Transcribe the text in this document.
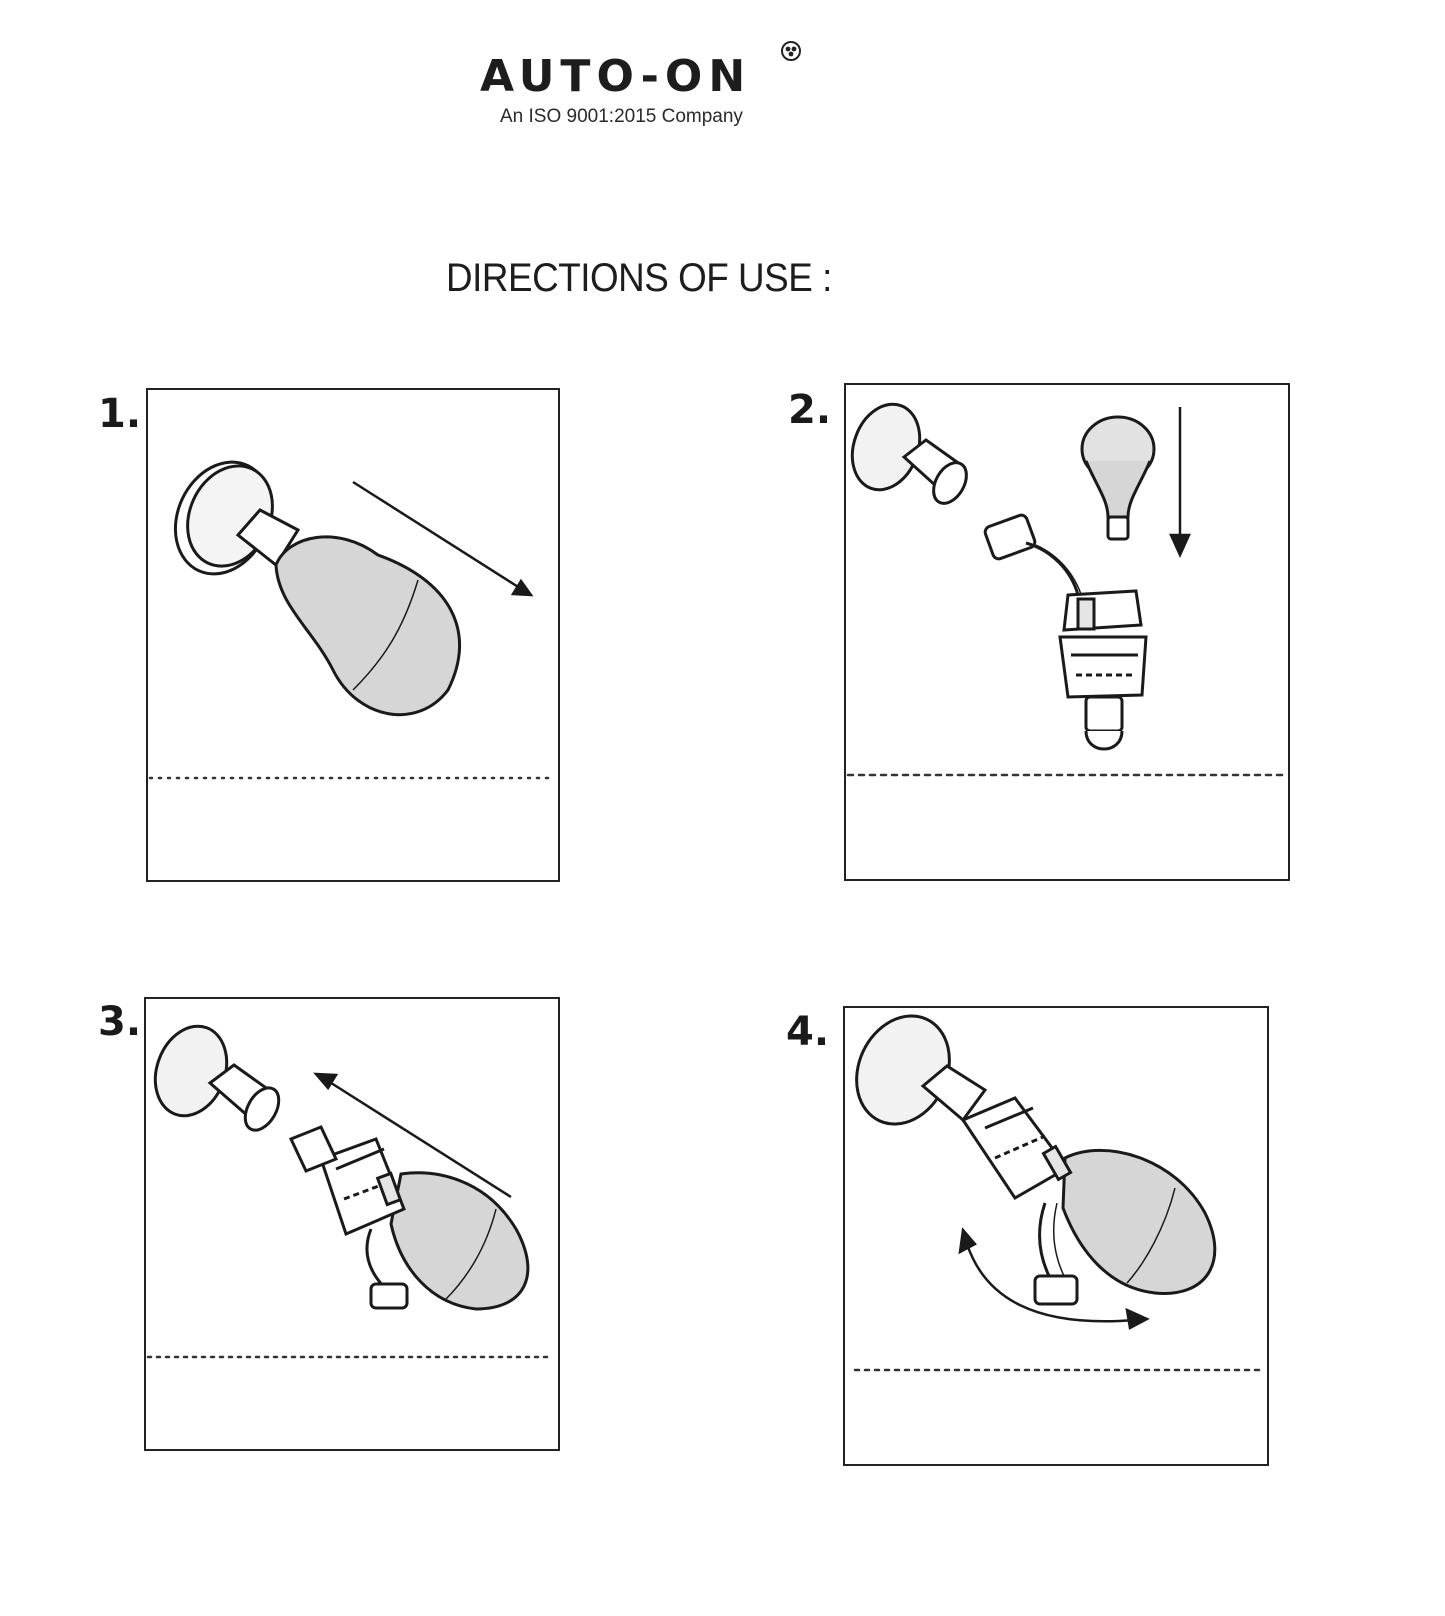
AUTO-ON
An ISO 9001:2015 Company
DIRECTIONS OF USE :
1.	2.
3.	4.
